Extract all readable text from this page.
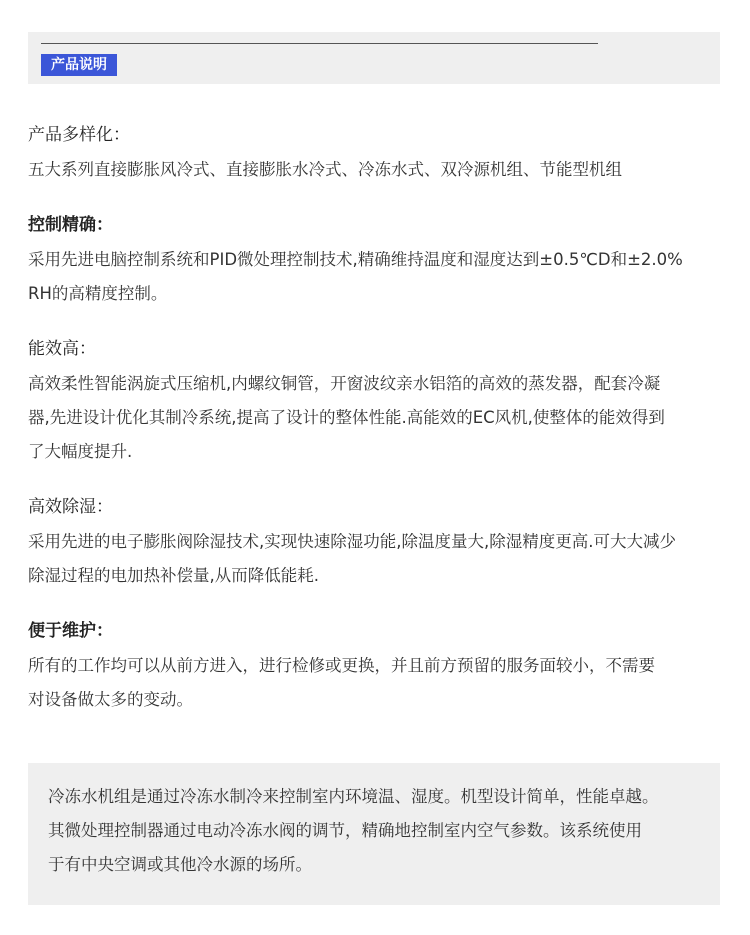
产品说明
产品多样化：

五大系列直接膨胀风冷式、直接膨胀水冷式、冷冻水式、双冷源机组、节能型机组

控制精确：

采用先进电脑控制系统和PID微处理控制技术,精确维持温度和湿度达到±0.5℃D和±2.0%
RH的高精度控制。

能效高：

高效柔性智能涡旋式压缩机,内螺纹铜管，开窗波纹亲水铝箔的高效的蒸发器，配套冷凝
器,先进设计优化其制冷系统,提高了设计的整体性能.高能效的EC风机,使整体的能效得到
了大幅度提升.

高效除湿：

采用先进的电子膨胀阀除湿技术,实现快速除湿功能,除温度量大,除湿精度更高.可大大减少
除湿过程的电加热补偿量,从而降低能耗.

便于维护：

所有的工作均可以从前方进入，进行检修或更换，并且前方预留的服务面较小，不需要
对设备做太多的变动。

冷冻水机组是通过冷冻水制冷来控制室内环境温、湿度。机型设计简单，性能卓越。
其微处理控制器通过电动冷冻水阀的调节，精确地控制室内空气参数。该系统使用
于有中央空调或其他冷水源的场所。
